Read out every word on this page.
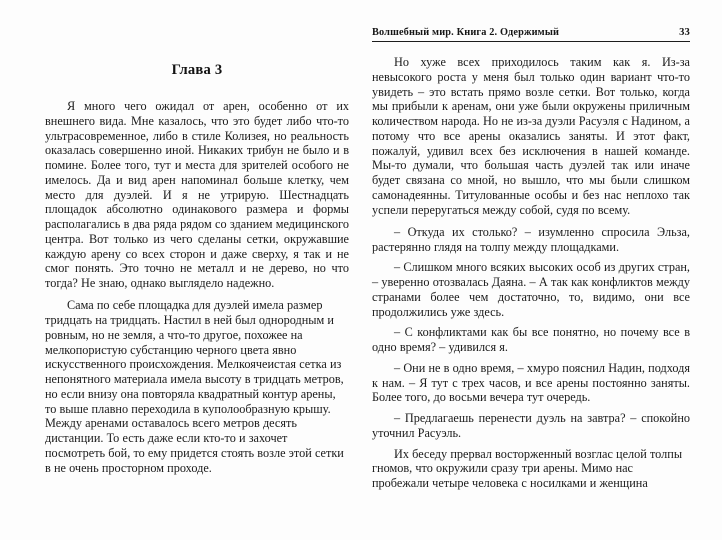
Глава 3

Я много чего ожидал от арен, особенно от их внешнего вида. Мне казалось, что это будет либо что-то ультрасовременное, либо в стиле Колизея, но реальность оказалась совершенно иной. Никаких трибун не было и в помине. Более того, тут и места для зрителей особого не имелось. Да и вид арен напоминал больше клетку, чем место для дуэлей. И я не утрирую. Шестнадцать площадок абсолютно одинакового размера и формы располагались в два ряда рядом со зданием медицинского центра. Вот только из чего сделаны сетки, окружавшие каждую арену со всех сторон и даже сверху, я так и не смог понять. Это точно не металл и не дерево, но что тогда? Не знаю, однако выглядело надежно.

Сама по себе площадка для дуэлей имела размер тридцать на тридцать. Настил в ней был однородным и ровным, но не земля, а что-то другое, похожее на мелкопористую субстанцию черного цвета явно искусственного происхождения. Мелкоячеистая сетка из непонятного материала имела высоту в тридцать метров, но если внизу она повторяла квадратный контур арены, то выше плавно переходила в куполообразную крышу. Между аренами оставалось всего метров десять дистанции. То есть даже если кто-то и захочет посмотреть бой, то ему придется стоять возле этой сетки в не очень просторном проходе.

Волшебный мир. Книга 2. Одержимый	33

Но хуже всех приходилось таким как я. Из-за невысокого роста у меня был только один вариант что-то увидеть – это встать прямо возле сетки. Вот только, когда мы прибыли к аренам, они уже были окружены приличным количеством народа. Но не из-за дуэли Расуэля с Надином, а потому что все арены оказались заняты. И этот факт, пожалуй, удивил всех без исключения в нашей команде. Мы-то думали, что большая часть дуэлей так или иначе будет связана со мной, но вышло, что мы были слишком самонадеянны. Титулованные особы и без нас неплохо так успели переругаться между собой, судя по всему.

– Откуда их столько? – изумленно спросила Эльза, растерянно глядя на толпу между площадками.

– Слишком много всяких высоких особ из других стран, – уверенно отозвалась Даяна. – А так как конфликтов между странами более чем достаточно, то, видимо, они все продолжились уже здесь.

– С конфликтами как бы все понятно, но почему все в одно время? – удивился я.

– Они не в одно время, – хмуро пояснил Надин, подходя к нам. – Я тут с трех часов, и все арены постоянно заняты. Более того, до восьми вечера тут очередь.

– Предлагаешь перенести дуэль на завтра? – спокойно уточнил Расуэль.

Их беседу прервал восторженный возглас целой толпы гномов, что окружили сразу три арены. Мимо нас пробежали четыре человека с носилками и женщина
